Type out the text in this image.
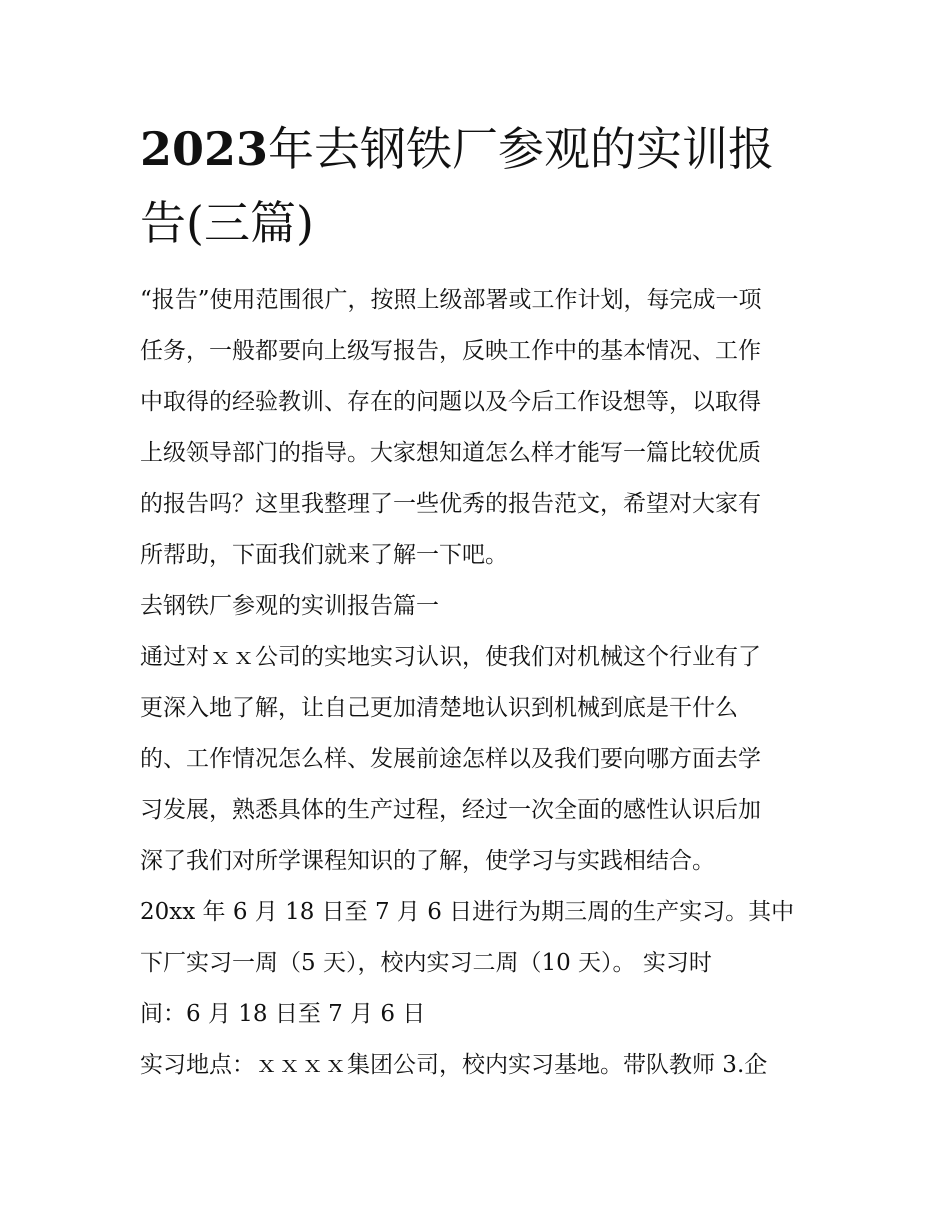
2023年去钢铁厂参观的实训报
告(三篇)
“报告”使用范围很广，按照上级部署或工作计划，每完成一项
任务，一般都要向上级写报告，反映工作中的基本情况、工作
中取得的经验教训、存在的问题以及今后工作设想等，以取得
上级领导部门的指导。大家想知道怎么样才能写一篇比较优质
的报告吗？这里我整理了一些优秀的报告范文，希望对大家有
所帮助，下面我们就来了解一下吧。
去钢铁厂参观的实训报告篇一
通过对ｘｘ公司的实地实习认识，使我们对机械这个行业有了
更深入地了解，让自己更加清楚地认识到机械到底是干什么
的、工作情况怎么样、发展前途怎样以及我们要向哪方面去学
习发展，熟悉具体的生产过程，经过一次全面的感性认识后加
深了我们对所学课程知识的了解，使学习与实践相结合。
20xx 年 6 月 18 日至 7 月 6 日进行为期三周的生产实习。其中
下厂实习一周（5 天），校内实习二周（10 天）。 实习时
间：6 月 18 日至 7 月 6 日
实习地点：ｘｘｘｘ集团公司，校内实习基地。带队教师 3.企
